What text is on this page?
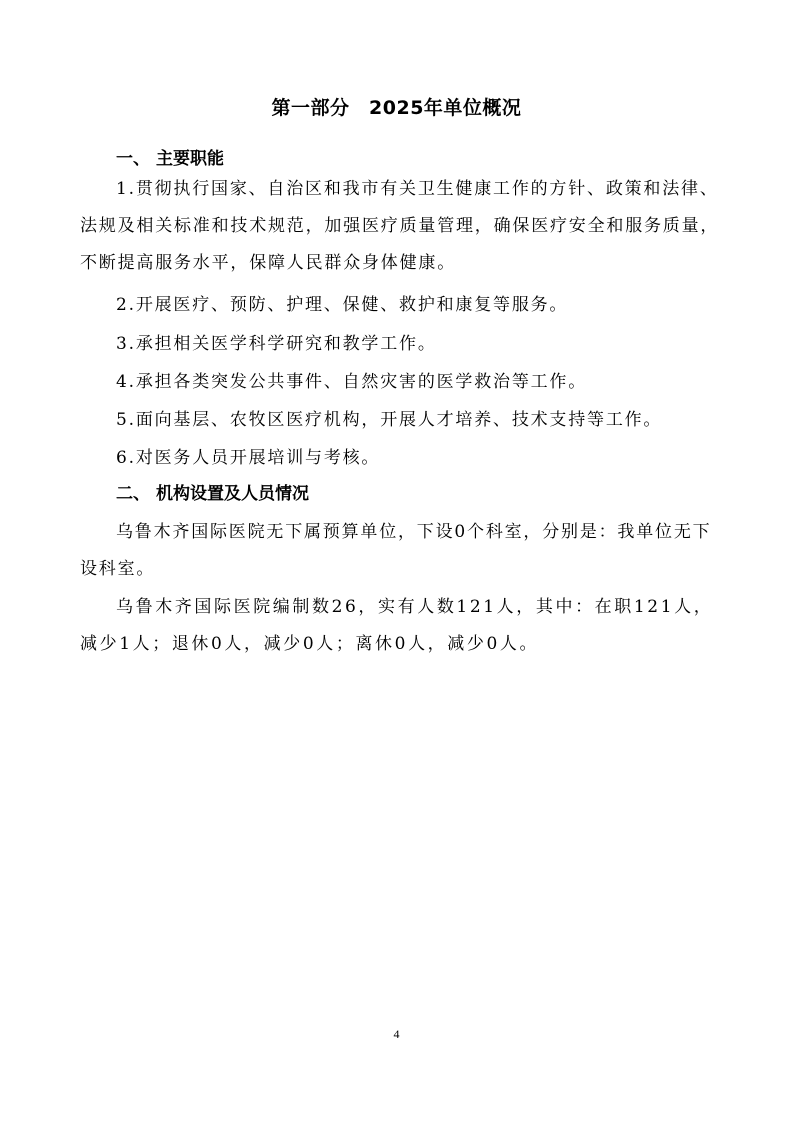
第一部分　2025年单位概况
一、 主要职能

1.贯彻执行国家、自治区和我市有关卫生健康工作的方针、政策和法律、法规及相关标准和技术规范，加强医疗质量管理，确保医疗安全和服务质量，不断提高服务水平，保障人民群众身体健康。

2.开展医疗、预防、护理、保健、救护和康复等服务。

3.承担相关医学科学研究和教学工作。

4.承担各类突发公共事件、自然灾害的医学救治等工作。

5.面向基层、农牧区医疗机构，开展人才培养、技术支持等工作。

6.对医务人员开展培训与考核。

二、 机构设置及人员情况

乌鲁木齐国际医院无下属预算单位，下设0个科室，分别是：我单位无下设科室。

乌鲁木齐国际医院编制数26，实有人数121人，其中：在职121人，减少1人；退休0人，减少0人；离休0人，减少0人。

4
